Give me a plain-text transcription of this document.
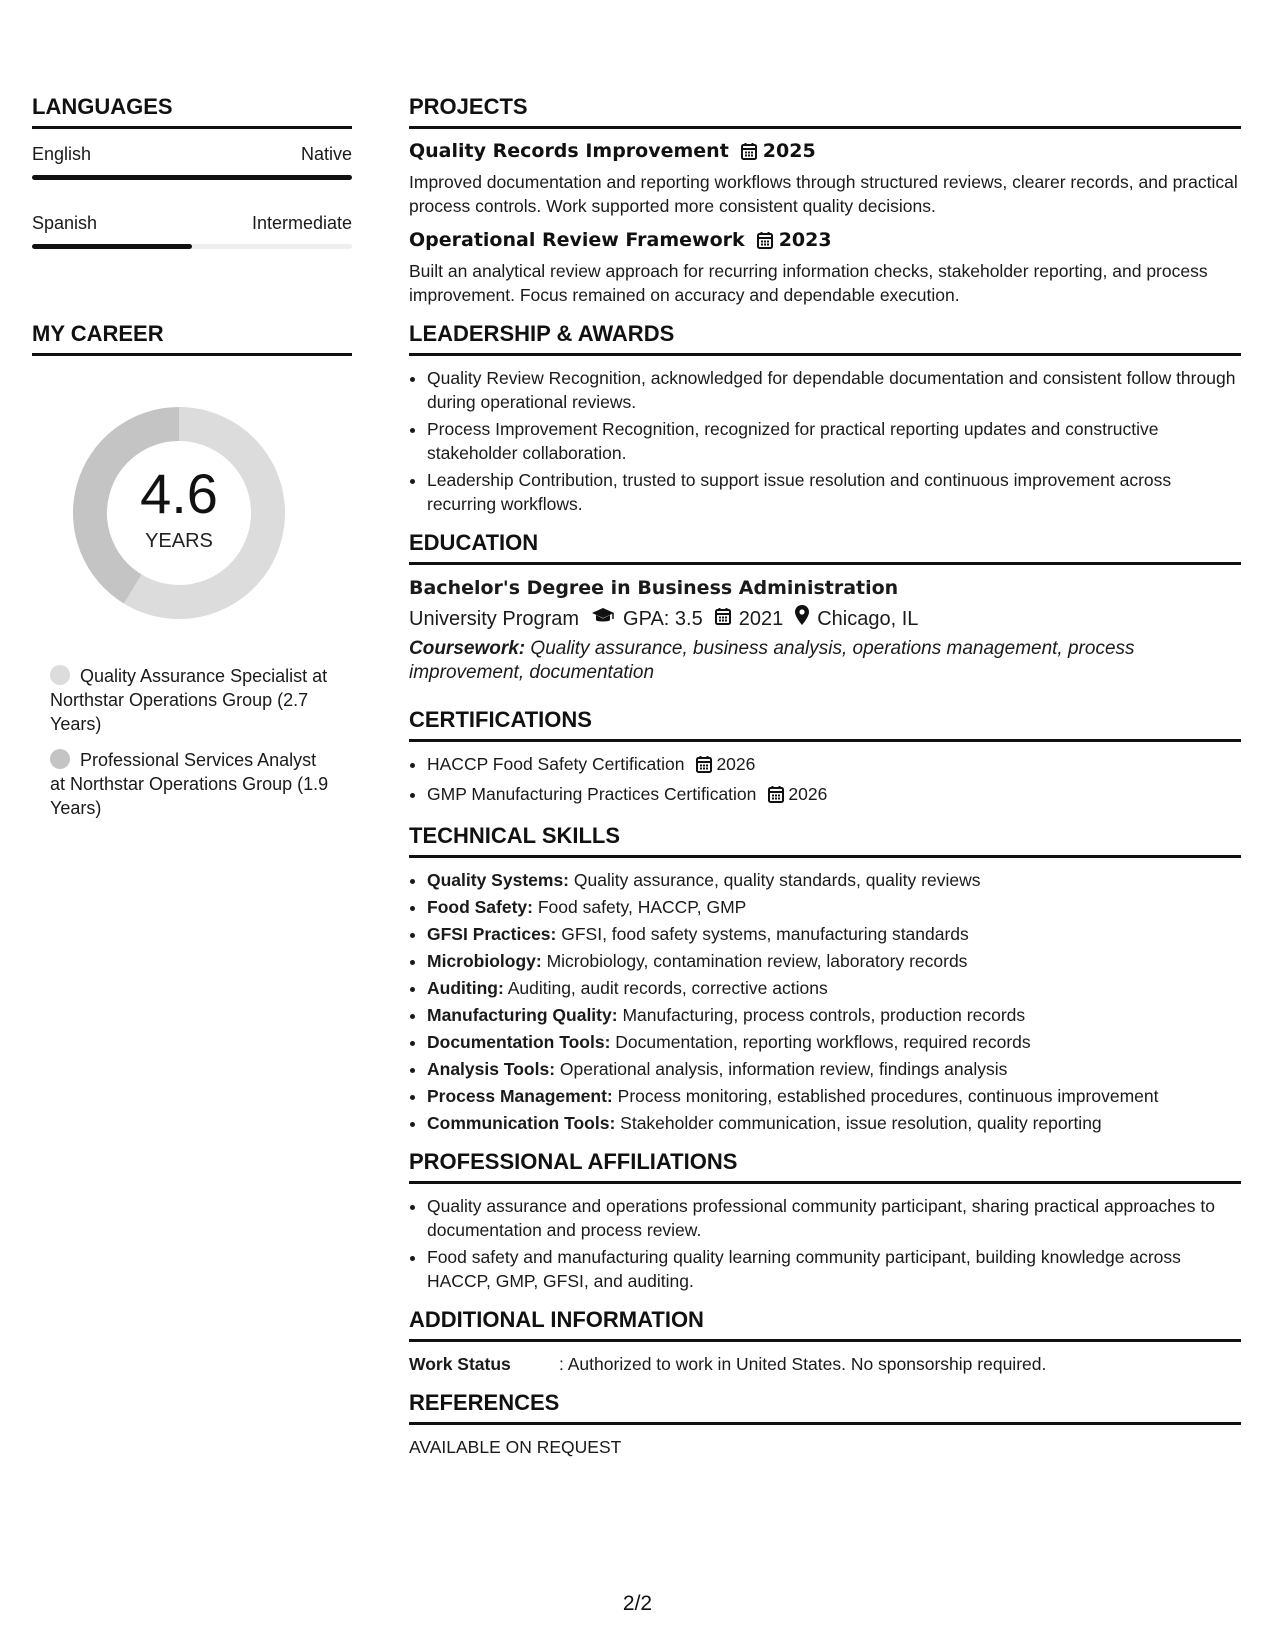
LANGUAGES
English	Native
Spanish	Intermediate
MY CAREER
4.6
YEARS
Quality Assurance Specialist at Northstar Operations Group (2.7 Years)
Professional Services Analyst at Northstar Operations Group (1.9 Years)
PROJECTS
Quality Records Improvement 2025

Improved documentation and reporting workflows through structured reviews, clearer records, and practical process controls. Work supported more consistent quality decisions.

Operational Review Framework 2023

Built an analytical review approach for recurring information checks, stakeholder reporting, and process improvement. Focus remained on accuracy and dependable execution.

LEADERSHIP & AWARDS
• Quality Review Recognition, acknowledged for dependable documentation and consistent follow through during operational reviews.
• Process Improvement Recognition, recognized for practical reporting updates and constructive stakeholder collaboration.
• Leadership Contribution, trusted to support issue resolution and continuous improvement across recurring workflows.
EDUCATION
Bachelor's Degree in Business Administration
University Program GPA: 3.5 2021 Chicago, IL
Coursework: Quality assurance, business analysis, operations management, process improvement, documentation
CERTIFICATIONS
• HACCP Food Safety Certification 2026
• GMP Manufacturing Practices Certification 2026
TECHNICAL SKILLS
• Quality Systems: Quality assurance, quality standards, quality reviews
• Food Safety: Food safety, HACCP, GMP
• GFSI Practices: GFSI, food safety systems, manufacturing standards
• Microbiology: Microbiology, contamination review, laboratory records
• Auditing: Auditing, audit records, corrective actions
• Manufacturing Quality: Manufacturing, process controls, production records
• Documentation Tools: Documentation, reporting workflows, required records
• Analysis Tools: Operational analysis, information review, findings analysis
• Process Management: Process monitoring, established procedures, continuous improvement
• Communication Tools: Stakeholder communication, issue resolution, quality reporting
PROFESSIONAL AFFILIATIONS
• Quality assurance and operations professional community participant, sharing practical approaches to documentation and process review.
• Food safety and manufacturing quality learning community participant, building knowledge across HACCP, GMP, GFSI, and auditing.
ADDITIONAL INFORMATION
Work Status	: Authorized to work in United States. No sponsorship required.
REFERENCES
AVAILABLE ON REQUEST
2/2
